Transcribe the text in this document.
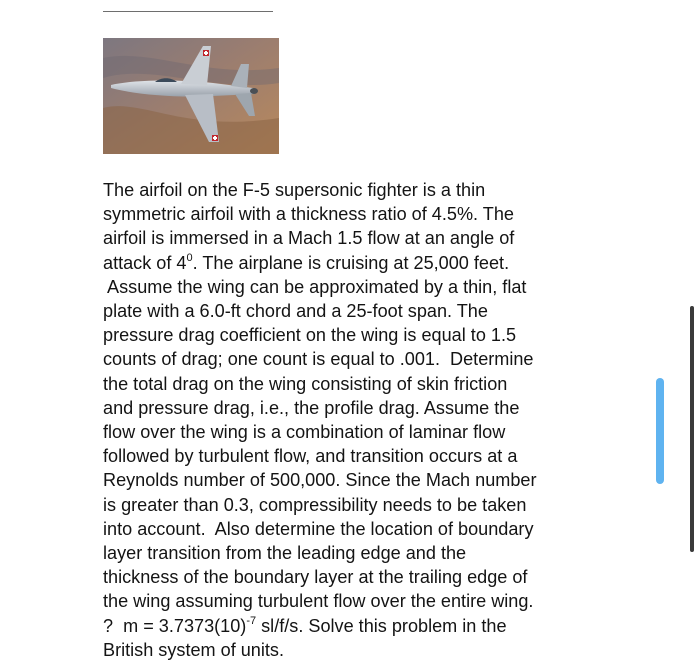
The airfoil on the F-5 supersonic fighter is a thin
symmetric airfoil with a thickness ratio of 4.5%. The
airfoil is immersed in a Mach 1.5 flow at an angle of
attack of $4^0$. The airplane is cruising at 25,000 feet.
Assume the wing can be approximated by a thin, flat
plate with a 6.0-ft chord and a 25-foot span. The
pressure drag coefficient on the wing is equal to 1.5
counts of drag; one count is equal to .001.  Determine
the total drag on the wing consisting of skin friction
and pressure drag, i.e., the profile drag. Assume the
flow over the wing is a combination of laminar flow
followed by turbulent flow, and transition occurs at a
Reynolds number of 500,000. Since the Mach number
is greater than 0.3, compressibility needs to be taken
into account.  Also determine the location of boundary
layer transition from the leading edge and the
thickness of the boundary layer at the trailing edge of
the wing assuming turbulent flow over the entire wing.
?  $m = 3.7373(10)^{-7}$ sl/f/s. Solve this problem in the
British system of units.
